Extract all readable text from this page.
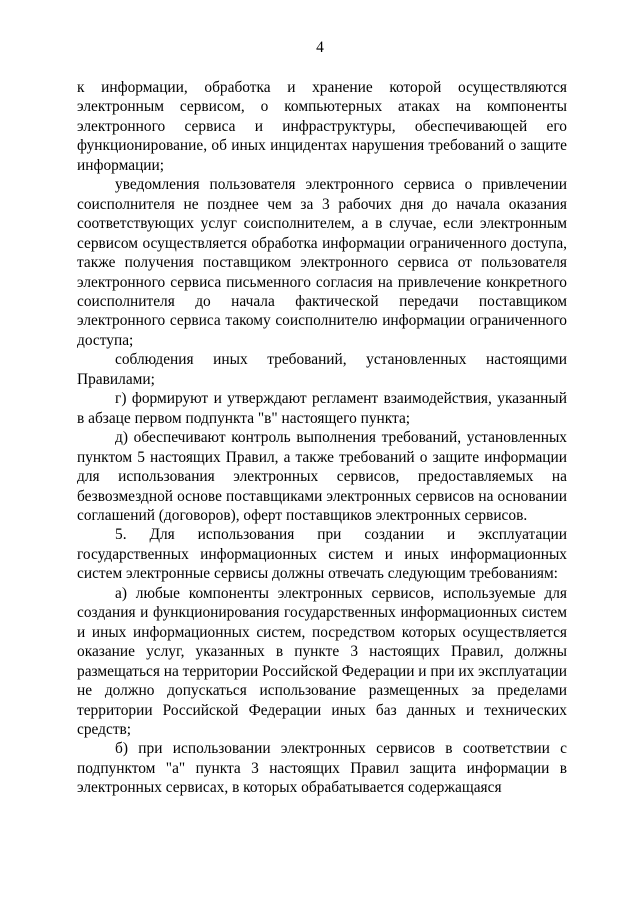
4

к информации, обработка и хранение которой осуществляются электронным сервисом, о компьютерных атаках на компоненты электронного сервиса и инфраструктуры, обеспечивающей его функционирование, об иных инцидентах нарушения требований о защите информации;

уведомления пользователя электронного сервиса о привлечении соисполнителя не позднее чем за 3 рабочих дня до начала оказания соответствующих услуг соисполнителем, а в случае, если электронным сервисом осуществляется обработка информации ограниченного доступа, также получения поставщиком электронного сервиса от пользователя электронного сервиса письменного согласия на привлечение конкретного соисполнителя до начала фактической передачи поставщиком электронного сервиса такому соисполнителю информации ограниченного доступа;

соблюдения иных требований, установленных настоящими Правилами;

г) формируют и утверждают регламент взаимодействия, указанный в абзаце первом подпункта "в" настоящего пункта;

д) обеспечивают контроль выполнения требований, установленных пунктом 5 настоящих Правил, а также требований о защите информации для использования электронных сервисов, предоставляемых на безвозмездной основе поставщиками электронных сервисов на основании соглашений (договоров), оферт поставщиков электронных сервисов.

5. Для использования при создании и эксплуатации государственных информационных систем и иных информационных систем электронные сервисы должны отвечать следующим требованиям:

а) любые компоненты электронных сервисов, используемые для создания и функционирования государственных информационных систем и иных информационных систем, посредством которых осуществляется оказание услуг, указанных в пункте 3 настоящих Правил, должны размещаться на территории Российской Федерации и при их эксплуатации не должно допускаться использование размещенных за пределами территории Российской Федерации иных баз данных и технических средств;

б) при использовании электронных сервисов в соответствии с подпунктом "а" пункта 3 настоящих Правил защита информации в электронных сервисах, в которых обрабатывается содержащаяся
